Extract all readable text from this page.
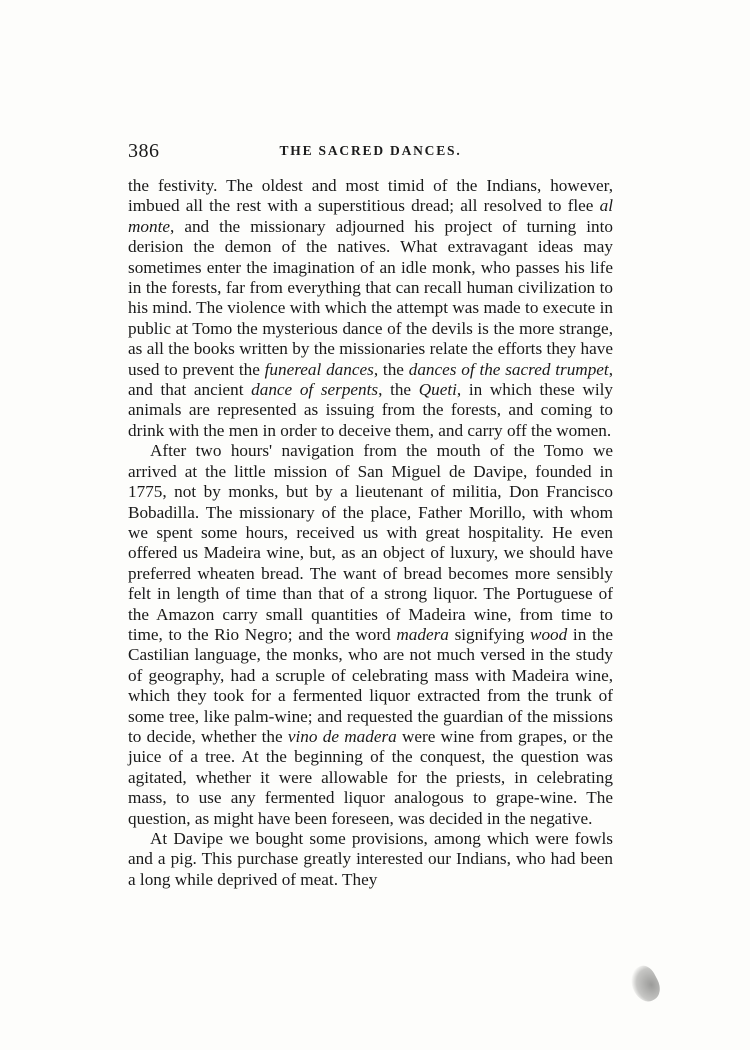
386	THE SACRED DANCES.

the festivity. The oldest and most timid of the Indians, however, imbued all the rest with a superstitious dread; all resolved to flee al monte, and the missionary adjourned his project of turning into derision the demon of the natives. What extravagant ideas may sometimes enter the imagination of an idle monk, who passes his life in the forests, far from everything that can recall human civilization to his mind. The violence with which the attempt was made to execute in public at Tomo the mysterious dance of the devils is the more strange, as all the books written by the missionaries relate the efforts they have used to prevent the funereal dances, the dances of the sacred trumpet, and that ancient dance of serpents, the Queti, in which these wily animals are represented as issuing from the forests, and coming to drink with the men in order to deceive them, and carry off the women.

After two hours' navigation from the mouth of the Tomo we arrived at the little mission of San Miguel de Davipe, founded in 1775, not by monks, but by a lieutenant of militia, Don Francisco Bobadilla. The missionary of the place, Father Morillo, with whom we spent some hours, received us with great hospitality. He even offered us Madeira wine, but, as an object of luxury, we should have preferred wheaten bread. The want of bread becomes more sensibly felt in length of time than that of a strong liquor. The Portuguese of the Amazon carry small quantities of Madeira wine, from time to time, to the Rio Negro; and the word madera signifying wood in the Castilian language, the monks, who are not much versed in the study of geography, had a scruple of celebrating mass with Madeira wine, which they took for a fermented liquor extracted from the trunk of some tree, like palm-wine; and requested the guardian of the missions to decide, whether the vino de madera were wine from grapes, or the juice of a tree. At the beginning of the conquest, the question was agitated, whether it were allowable for the priests, in celebrating mass, to use any fermented liquor analogous to grape-wine. The question, as might have been foreseen, was decided in the negative.

At Davipe we bought some provisions, among which were fowls and a pig. This purchase greatly interested our Indians, who had been a long while deprived of meat. They
